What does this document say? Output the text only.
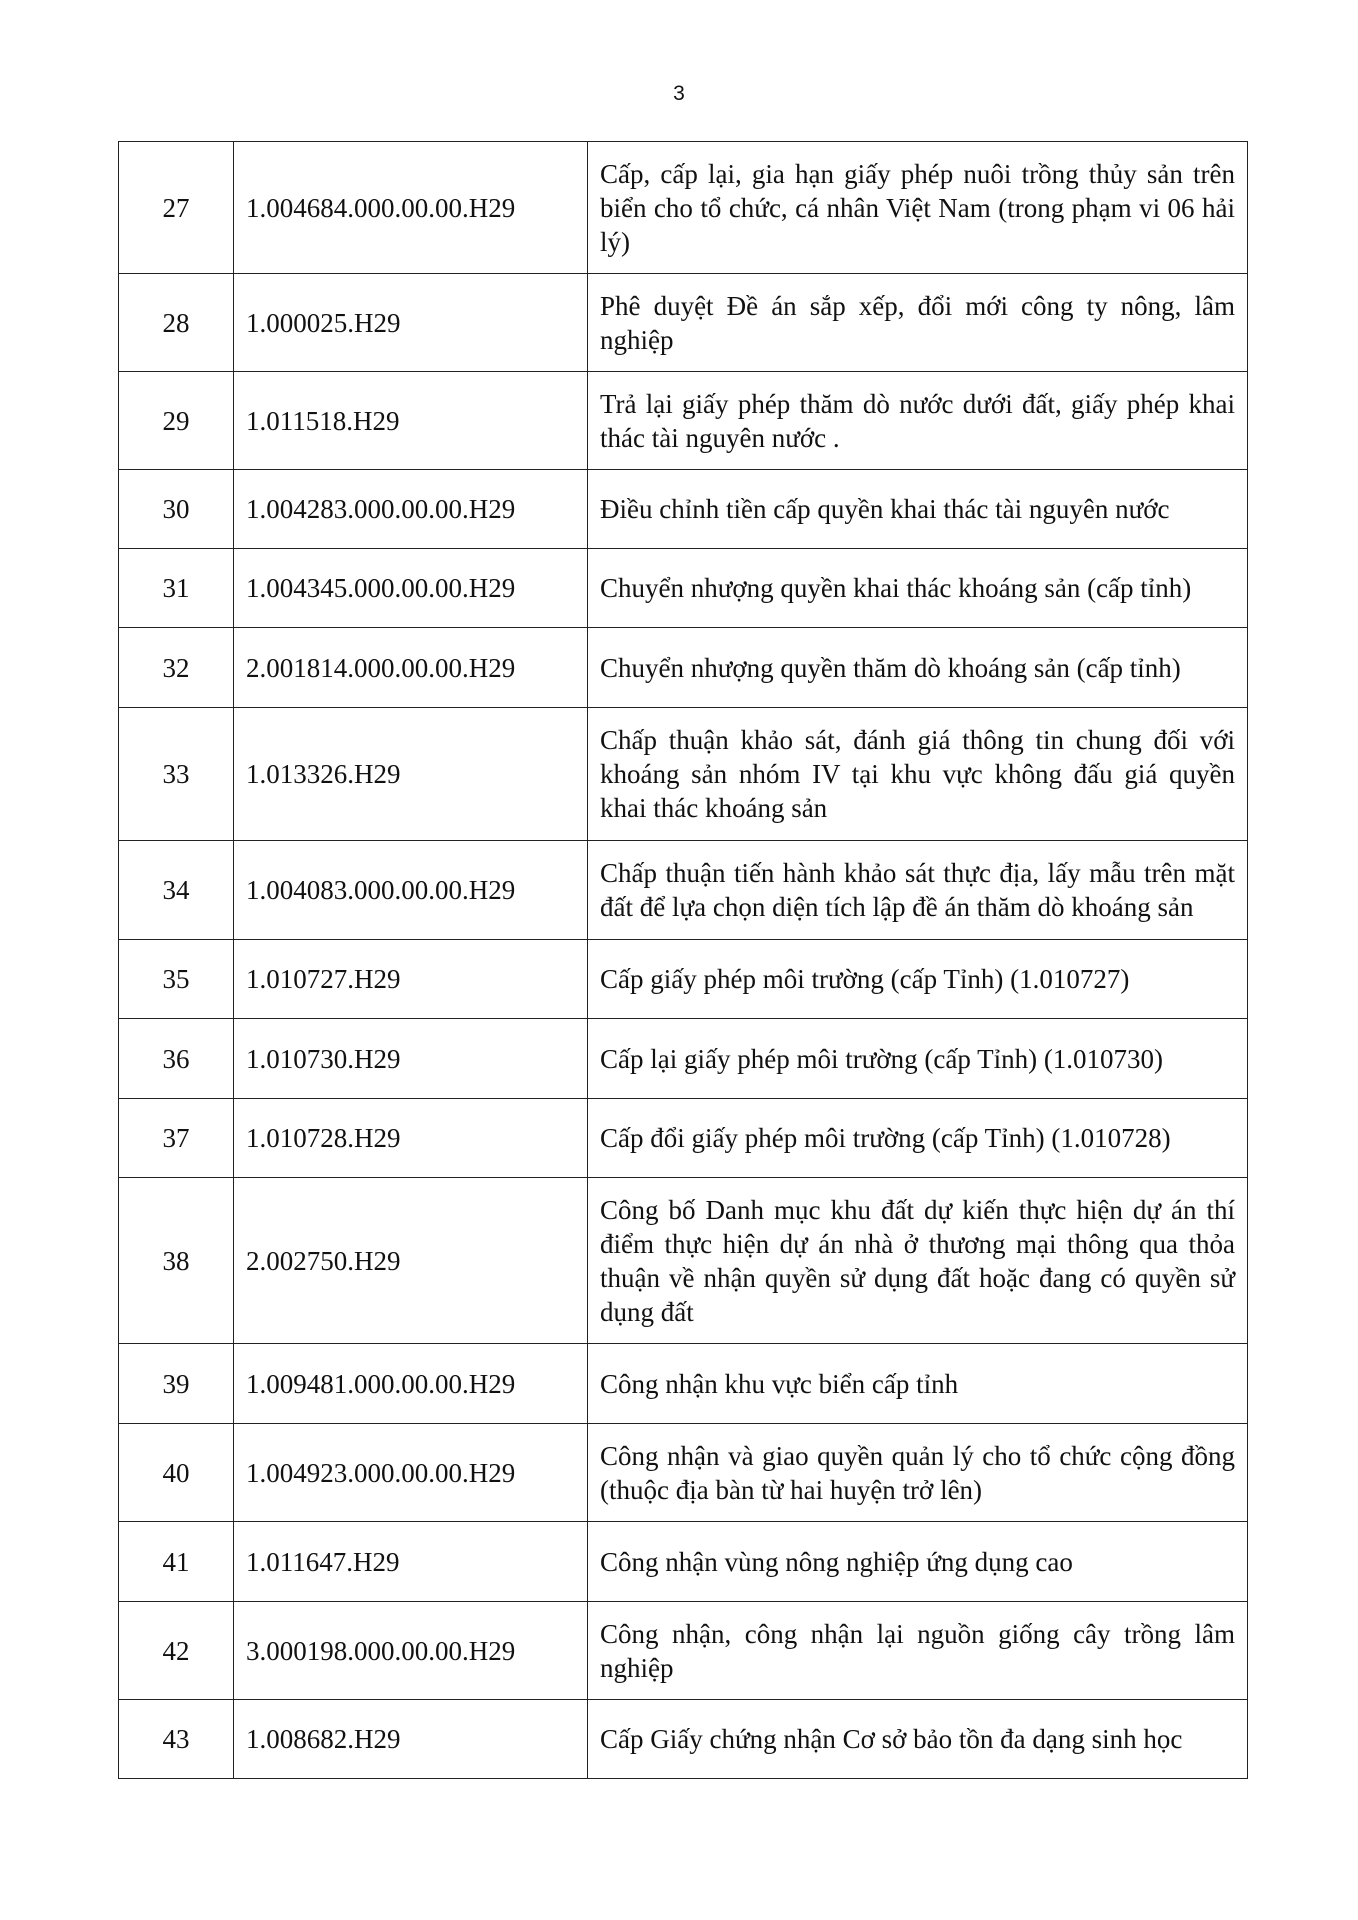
3
27	1.004684.000.00.00.H29	Cấp, cấp lại, gia hạn giấy phép nuôi trồng thủy sản trên biển cho tổ chức, cá nhân Việt Nam (trong phạm vi 06 hải lý)
28	1.000025.H29	Phê duyệt Đề án sắp xếp, đổi mới công ty nông, lâm nghiệp
29	1.011518.H29	Trả lại giấy phép thăm dò nước dưới đất, giấy phép khai thác tài nguyên nước .
30	1.004283.000.00.00.H29	Điều chỉnh tiền cấp quyền khai thác tài nguyên nước
31	1.004345.000.00.00.H29	Chuyển nhượng quyền khai thác khoáng sản (cấp tỉnh)
32	2.001814.000.00.00.H29	Chuyển nhượng quyền thăm dò khoáng sản (cấp tỉnh)
33	1.013326.H29	Chấp thuận khảo sát, đánh giá thông tin chung đối với khoáng sản nhóm IV tại khu vực không đấu giá quyền khai thác khoáng sản
34	1.004083.000.00.00.H29	Chấp thuận tiến hành khảo sát thực địa, lấy mẫu trên mặt đất để lựa chọn diện tích lập đề án thăm dò khoáng sản
35	1.010727.H29	Cấp giấy phép môi trường (cấp Tỉnh) (1.010727)
36	1.010730.H29	Cấp lại giấy phép môi trường (cấp Tỉnh) (1.010730)
37	1.010728.H29	Cấp đổi giấy phép môi trường (cấp Tỉnh) (1.010728)
38	2.002750.H29	Công bố Danh mục khu đất dự kiến thực hiện dự án thí điểm thực hiện dự án nhà ở thương mại thông qua thỏa thuận về nhận quyền sử dụng đất hoặc đang có quyền sử dụng đất
39	1.009481.000.00.00.H29	Công nhận khu vực biển cấp tỉnh
40	1.004923.000.00.00.H29	Công nhận và giao quyền quản lý cho tổ chức cộng đồng (thuộc địa bàn từ hai huyện trở lên)
41	1.011647.H29	Công nhận vùng nông nghiệp ứng dụng cao
42	3.000198.000.00.00.H29	Công nhận, công nhận lại nguồn giống cây trồng lâm nghiệp
43	1.008682.H29	Cấp Giấy chứng nhận Cơ sở bảo tồn đa dạng sinh học
